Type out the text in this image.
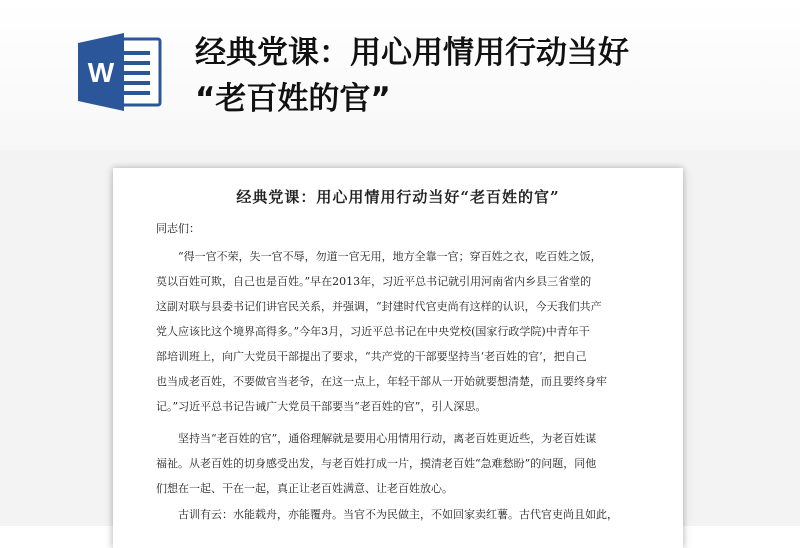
W
经典党课：用心用情用行动当好
“老百姓的官”
经典党课：用心用情用行动当好“老百姓的官”
同志们：
“得一官不荣，失一官不辱，勿道一官无用，地方全靠一官；穿百姓之衣，吃百姓之饭，
莫以百姓可欺，自己也是百姓。”早在2013年，习近平总书记就引用河南省内乡县三省堂的
这副对联与县委书记们讲官民关系，并强调，“封建时代官吏尚有这样的认识，今天我们共产
党人应该比这个境界高得多。”今年3月，习近平总书记在中央党校(国家行政学院)中青年干
部培训班上，向广大党员干部提出了要求，“共产党的干部要坚持当‘老百姓的官’，把自己
也当成老百姓，不要做官当老爷，在这一点上，年轻干部从一开始就要想清楚，而且要终身牢
记。”习近平总书记告诫广大党员干部要当“老百姓的官”，引人深思。
坚持当“老百姓的官”，通俗理解就是要用心用情用行动，离老百姓更近些，为老百姓谋
福祉。从老百姓的切身感受出发，与老百姓打成一片，摸清老百姓“急难愁盼”的问题，同他
们想在一起、干在一起，真正让老百姓满意、让老百姓放心。
古训有云：水能载舟，亦能覆舟。当官不为民做主，不如回家卖红薯。古代官吏尚且如此，
